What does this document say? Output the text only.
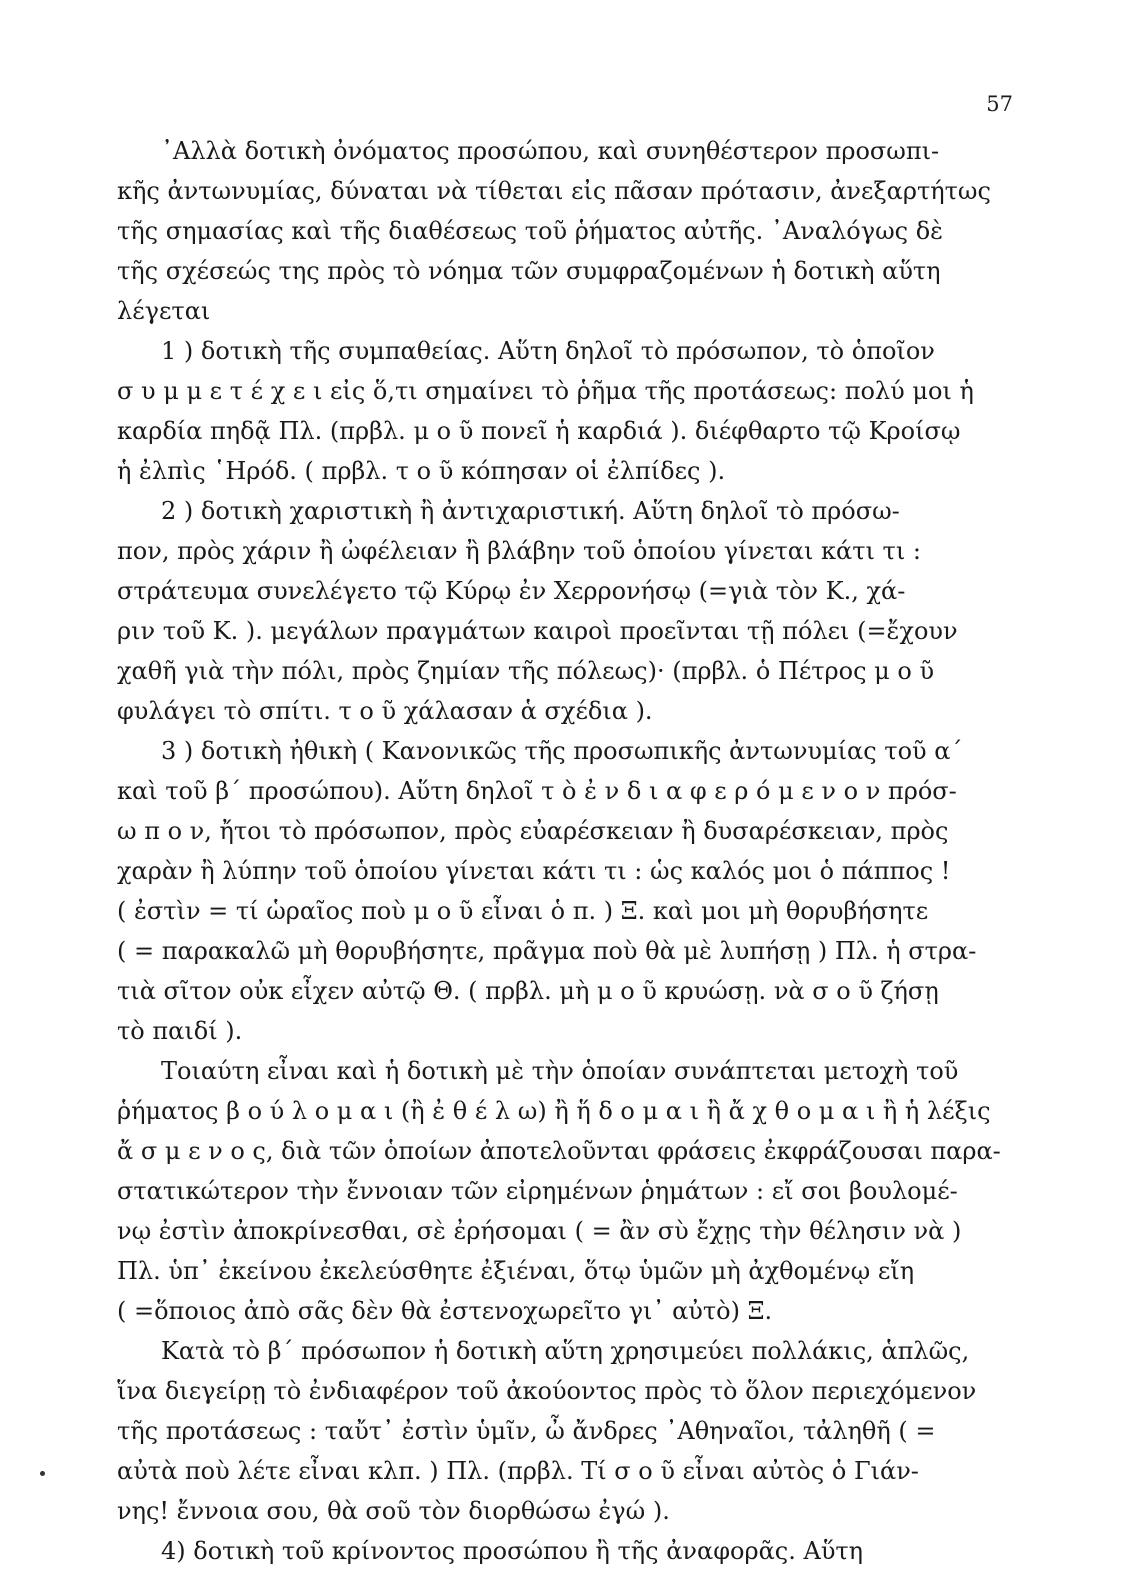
57
᾿Αλλὰ δοτικὴ ὀνόματος προσώπου, καὶ συνηθέστερον προσωπι-
κῆς ἀντωνυμίας, δύναται νὰ τίθεται εἰς πᾶσαν πρότασιν, ἀνεξαρτήτως
τῆς σημασίας καὶ τῆς διαθέσεως τοῦ ῥήματος αὐτῆς. ᾿Αναλόγως δὲ
τῆς σχέσεώς της πρὸς τὸ νόημα τῶν συμφραζομένων ἡ δοτικὴ αὕτη
λέγεται
1 ) δοτικὴ τῆς συμπαθείας. Αὕτη δηλοῖ τὸ πρόσωπον, τὸ ὁποῖον
σ υ μ μ ε τ έ χ ε ι εἰς ὅ,τι σημαίνει τὸ ῥῆμα τῆς προτάσεως: πολύ μοι ἡ
καρδία πηδᾷ Πλ. (πρβλ. μ ο ῦ πονεῖ ἡ καρδιά ). διέφθαρτο τῷ Κροίσῳ
ἡ ἐλπὶς ῾Ηρόδ. ( πρβλ. τ ο ῦ κόπησαν οἱ ἐλπίδες ).
2 ) δοτικὴ χαριστικὴ ἢ ἀντιχαριστική. Αὕτη δηλοῖ τὸ πρόσω-
πον, πρὸς χάριν ἢ ὠφέλειαν ἢ βλάβην τοῦ ὁποίου γίνεται κάτι τι :
στράτευμα συνελέγετο τῷ Κύρῳ ἐν Χερρονήσῳ (=γιὰ τὸν Κ., χά-
ριν τοῦ Κ. ). μεγάλων πραγμάτων καιροὶ προεῖνται τῇ πόλει (=ἔχουν
χαθῆ γιὰ τὴν πόλι, πρὸς ζημίαν τῆς πόλεως)· (πρβλ. ὁ Πέτρος μ ο ῦ
φυλάγει τὸ σπίτι. τ ο ῦ χάλασαν ἁ σχέδια ).
3 ) δοτικὴ ἠθικὴ ( Κανονικῶς τῆς προσωπικῆς ἀντωνυμίας τοῦ α´
καὶ τοῦ β´ προσώπου). Αὕτη δηλοῖ τ ὸ ἐ ν δ ι α φ ε ρ ό μ ε ν ο ν πρόσ-
ω π ο ν, ἤτοι τὸ πρόσωπον, πρὸς εὐαρέσκειαν ἢ δυσαρέσκειαν, πρὸς
χαρὰν ἢ λύπην τοῦ ὁποίου γίνεται κάτι τι : ὡς καλός μοι ὁ πάππος !
( ἐστὶν = τί ὡραῖος ποὺ μ ο ῦ εἶναι ὁ π. ) Ξ. καὶ μοι μὴ θορυβήσητε
( = παρακαλῶ μὴ θορυβήσητε, πρᾶγμα ποὺ θὰ μὲ λυπήσῃ ) Πλ. ἡ στρα-
τιὰ σῖτον οὐκ εἶχεν αὐτῷ Θ. ( πρβλ. μὴ μ ο ῦ κρυώσῃ. νὰ σ ο ῦ ζήσῃ
τὸ παιδί ).
Τοιαύτη εἶναι καὶ ἡ δοτικὴ μὲ τὴν ὁποίαν συνάπτεται μετοχὴ τοῦ
ῥήματος β ο ύ λ ο μ α ι (ἢ ἐ θ έ λ ω) ἢ ἥ δ ο μ α ι ἢ ἄ χ θ ο μ α ι ἢ ἡ λέξις
ἄ σ μ ε ν ο ς, διὰ τῶν ὁποίων ἀποτελοῦνται φράσεις ἐκφράζουσαι παρα-
στατικώτερον τὴν ἔννοιαν τῶν εἰρημένων ῥημάτων : εἴ σοι βουλομέ-
νῳ ἐστὶν ἀποκρίνεσθαι, σὲ ἐρήσομαι ( = ἂν σὺ ἔχῃς τὴν θέλησιν νὰ )
Πλ. ὑπ᾿ ἐκείνου ἐκελεύσθητε ἐξιέναι, ὅτῳ ὑμῶν μὴ ἀχθομένῳ εἴη
( =ὅποιος ἀπὸ σᾶς δὲν θὰ ἐστενοχωρεῖτο γι᾿ αὐτὸ) Ξ.
Κατὰ τὸ β´ πρόσωπον ἡ δοτικὴ αὕτη χρησιμεύει πολλάκις, ἁπλῶς,
ἵνα διεγείρῃ τὸ ἐνδιαφέρον τοῦ ἀκούοντος πρὸς τὸ ὅλον περιεχόμενον
τῆς προτάσεως : ταὔτ᾿ ἐστὶν ὑμῖν, ὦ ἄνδρες ᾿Αθηναῖοι, τἀληθῆ ( =
αὐτὰ ποὺ λέτε εἶναι κλπ. ) Πλ. (πρβλ. Τί σ ο ῦ εἶναι αὐτὸς ὁ Γιάν-
νης! ἔννοια σου, θὰ σοῦ τὸν διορθώσω ἐγώ ).
4) δοτικὴ τοῦ κρίνοντος προσώπου ἢ τῆς ἀναφορᾶς. Αὕτη
